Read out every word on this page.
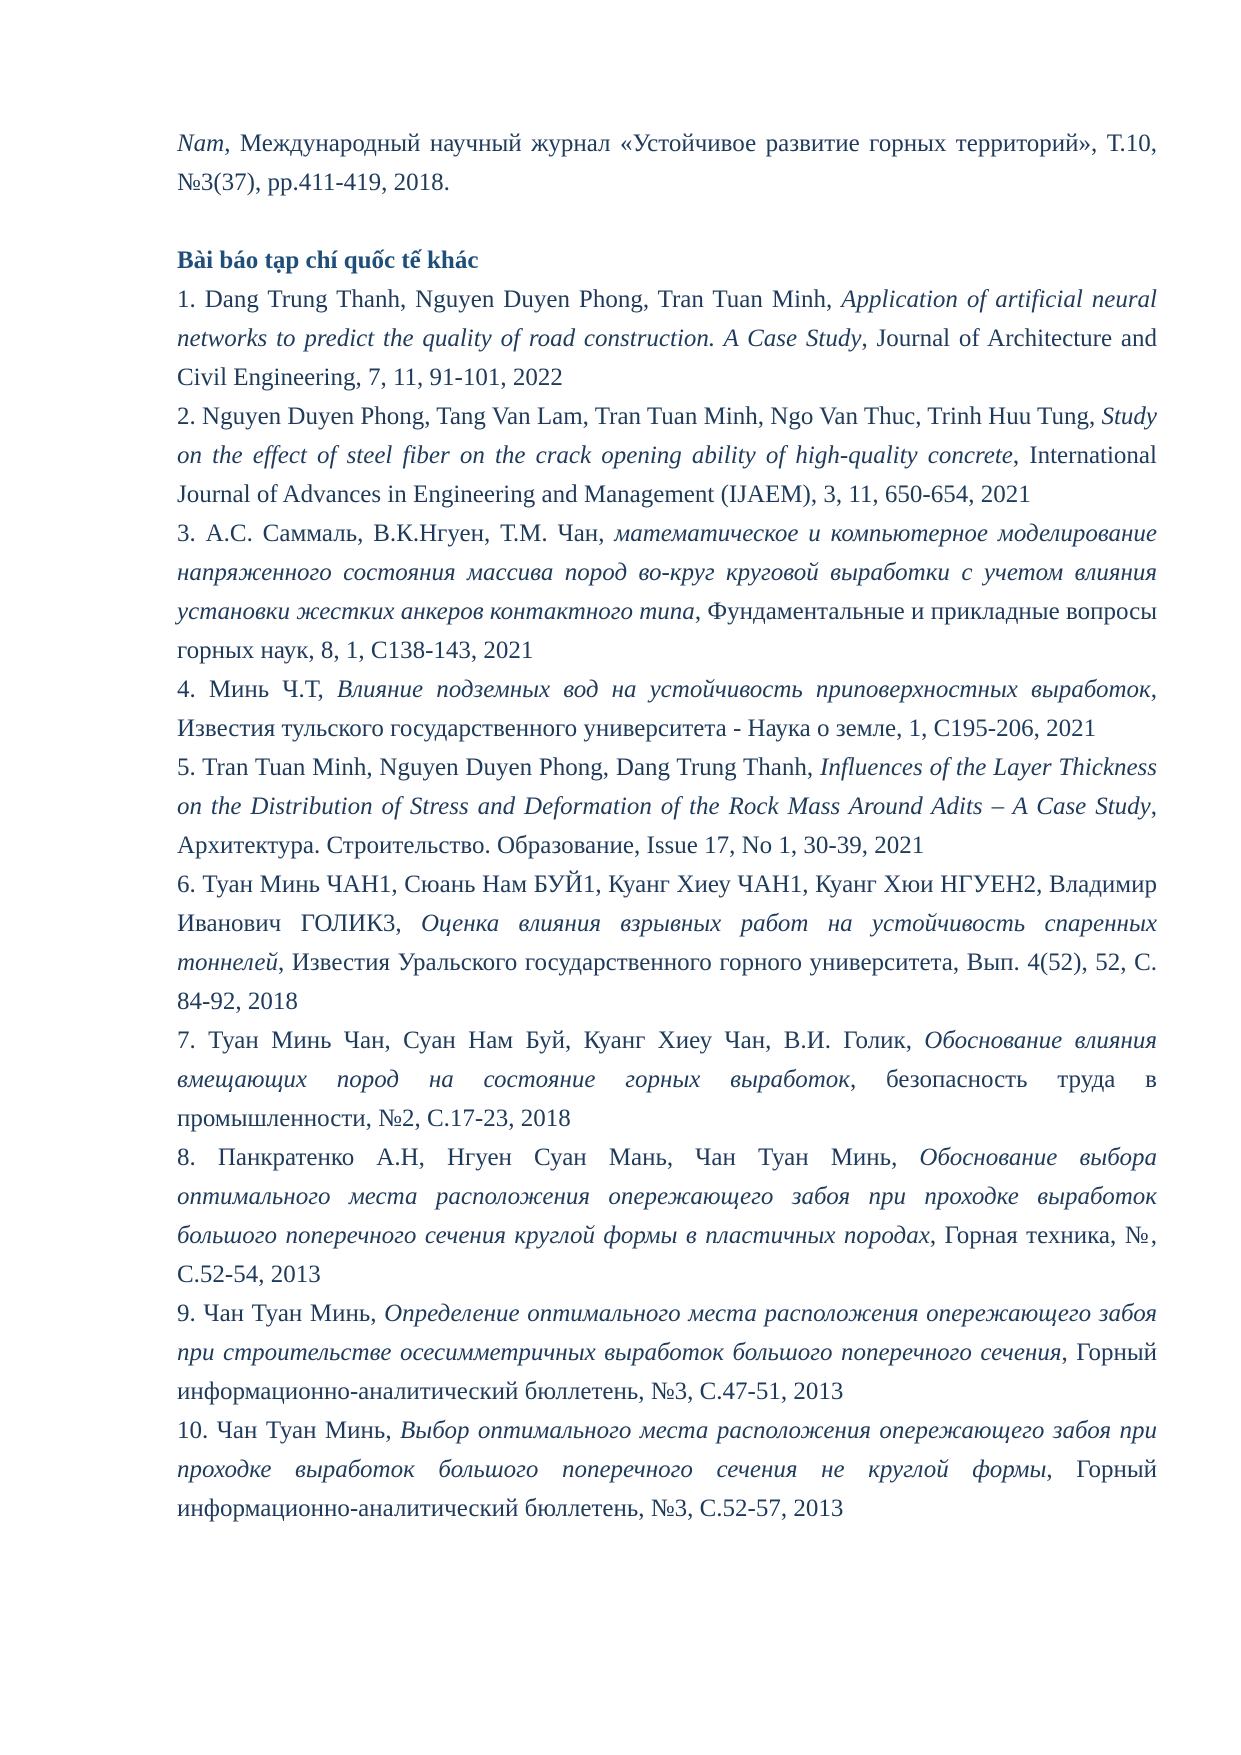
Nam, Международный научный журнал «Устойчивое развитие горных территорий», Т.10, №3(37), pp.411-419, 2018.

Bài báo tạp chí quốc tế khác

1. Dang Trung Thanh, Nguyen Duyen Phong, Tran Tuan Minh, Application of artificial neural networks to predict the quality of road construction. A Case Study, Journal of Architecture and Civil Engineering, 7, 11, 91-101, 2022

2. Nguyen Duyen Phong, Tang Van Lam, Tran Tuan Minh, Ngo Van Thuc, Trinh Huu Tung, Study on the effect of steel fiber on the crack opening ability of high-quality concrete, International Journal of Advances in Engineering and Management (IJAEM), 3, 11, 650-654, 2021

3. А.С. Саммаль, В.К.Нгуен, Т.М. Чан, математическое и компьютерное моделирование напряженного состояния массива пород во-круг круговой выработки с учетом влияния установки жестких анкеров контактного типа, Фундаментальные и прикладные вопросы горных наук, 8, 1, С138-143, 2021

4. Минь Ч.Т, Влияние подземных вод на устойчивость приповерхностных выработок, Известия тульского государственного университета - Наука о земле, 1, С195-206, 2021

5. Tran Tuan Minh, Nguyen Duyen Phong, Dang Trung Thanh, Influences of the Layer Thickness on the Distribution of Stress and Deformation of the Rock Mass Around Adits – A Case Study, Архитектура. Строительство. Образование, Issue 17, No 1, 30-39, 2021

6. Туан Минь ЧАН1, Сюань Нам БУЙ1, Куанг Хиеу ЧАН1, Куанг Хюи НГУЕН2, Владимир Иванович ГОЛИК3, Оценка влияния взрывных работ на устойчивость спаренных тоннелей, Известия Уральского государственного горного университета, Вып. 4(52), 52, С. 84-92, 2018

7. Туан Минь Чан, Суан Нам Буй, Куанг Хиеу Чан, В.И. Голик, Обоснование влияния вмещающих пород на состояние горных выработок, безопасность труда в промышленности, №2, С.17-23, 2018

8. Панкратенко А.Н, Нгуен Суан Мань, Чан Туан Минь, Обоснование выбора оптимального места расположения опережающего забоя при проходке выработок большого поперечного сечения круглой формы в пластичных породах, Горная техника, №, С.52-54, 2013

9. Чан Туан Минь, Определение оптимального места расположения опережающего забоя при строительстве осесимметричных выработок большого поперечного сечения, Горный информационно-аналитический бюллетень, №3, С.47-51, 2013

10. Чан Туан Минь, Выбор оптимального места расположения опережающего забоя при проходке выработок большого поперечного сечения не круглой формы, Горный информационно-аналитический бюллетень, №3, С.52-57, 2013
